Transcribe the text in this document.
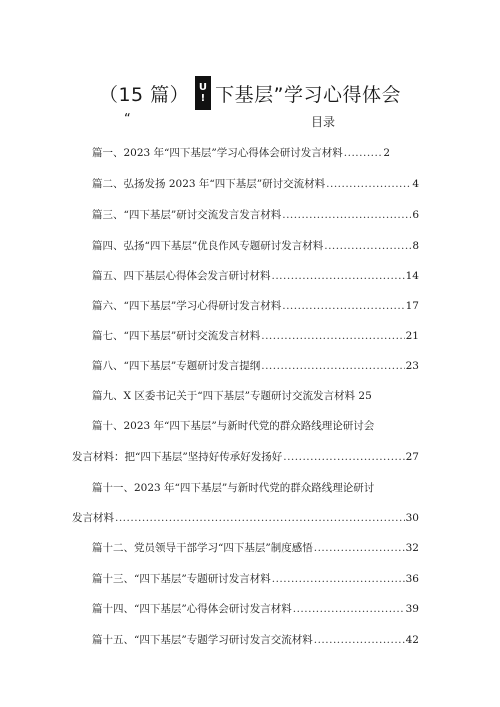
（15 篇） U
! 下基层”学习心得体会
“	目录
篇一、2023 年“四下基层”学习心得体会研讨发言材料 .....	2
篇二、弘扬发扬 2023 年“四下基层”研讨交流材料 .....	4
篇三、“四下基层”研讨交流发言发言材料 .....	6
篇四、弘扬“四下基层”优良作风专题研讨发言材料 .....	8
篇五、四下基层心得体会发言研讨材料 .....	14
篇六、“四下基层”学习心得研讨发言材料 .....	17
篇七、“四下基层”研讨交流发言材料 .....	21
篇八、“四下基层”专题研讨发言提纲 .....	23
篇九、X 区委书记关于“四下基层”专题研讨交流发言材料 25
篇十、2023 年“四下基层”与新时代党的群众路线理论研讨会
发言材料：把“四下基层”坚持好传承好发扬好 .....	27
篇十一、2023 年“四下基层”与新时代党的群众路线理论研讨
发言材料 .....	30
篇十二、党员领导干部学习“四下基层”制度感悟 .....	32
篇十三、“四下基层”专题研讨发言材料 .....	36
篇十四、“四下基层”心得体会研讨发言材料 .....	39
篇十五、“四下基层”专题学习研讨发言交流材料 .....	42
